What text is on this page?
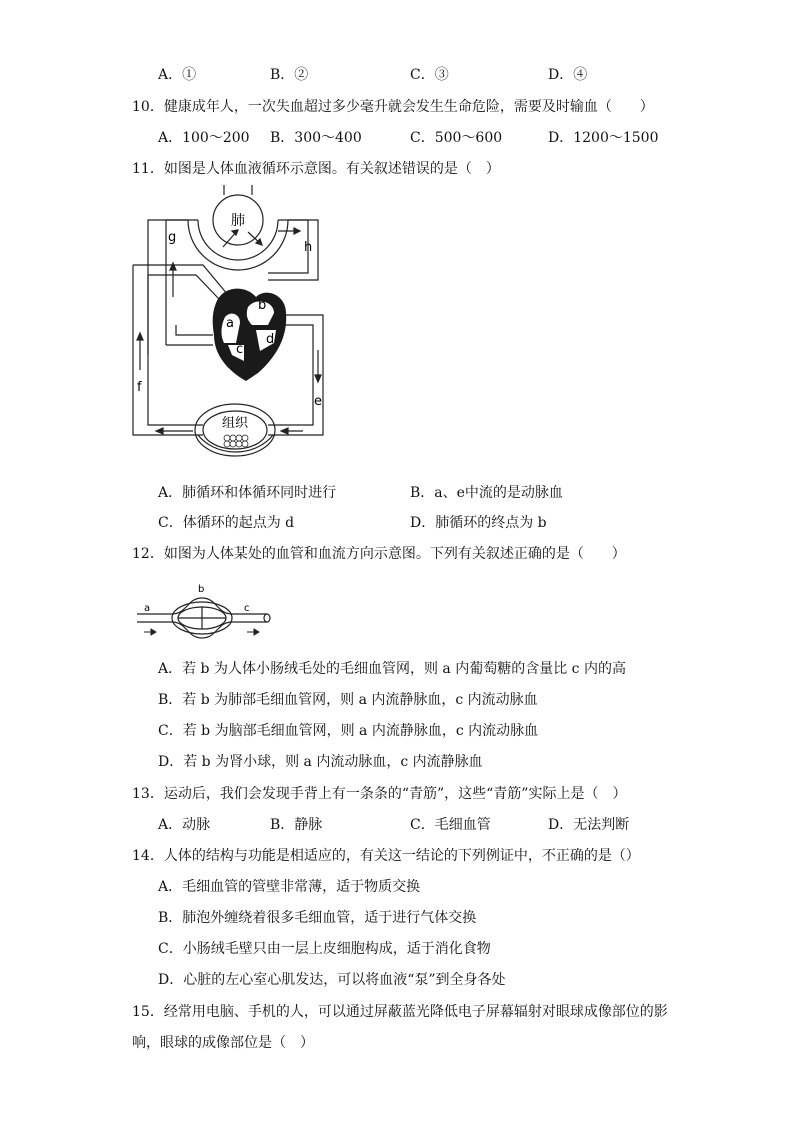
A．①	B．②	C．③	D．④
10．健康成年人，一次失血超过多少毫升就会发生生命危险，需要及时输血（　　）
A．100～200 B．300～400	C．500～600	D．1200～1500
11．如图是人体血液循环示意图。有关叙述错误的是（　）
肺
组织
g
h
a
b
c
d
e
f
A．肺循环和体循环同时进行	B．a、e中流的是动脉血
C．体循环的起点为 d	D．肺循环的终点为 b
12．如图为人体某处的血管和血流方向示意图。下列有关叙述正确的是（　　）
b
a	c
A．若 b 为人体小肠绒毛处的毛细血管网，则 a 内葡萄糖的含量比 c 内的高
B．若 b 为肺部毛细血管网，则 a 内流静脉血，c 内流动脉血
C．若 b 为脑部毛细血管网，则 a 内流静脉血，c 内流动脉血
D．若 b 为肾小球，则 a 内流动脉血，c 内流静脉血
13．运动后，我们会发现手背上有一条条的“青筋”，这些“青筋”实际上是（　）
A．动脉	B．静脉	C．毛细血管	D．无法判断
14．人体的结构与功能是相适应的，有关这一结论的下列例证中，不正确的是（）
A．毛细血管的管壁非常薄，适于物质交换
B．肺泡外缠绕着很多毛细血管，适于进行气体交换
C．小肠绒毛壁只由一层上皮细胞构成，适于消化食物
D．心脏的左心室心肌发达，可以将血液“泵”到全身各处
15．经常用电脑、手机的人，可以通过屏蔽蓝光降低电子屏幕辐射对眼球成像部位的影
响，眼球的成像部位是（　）
